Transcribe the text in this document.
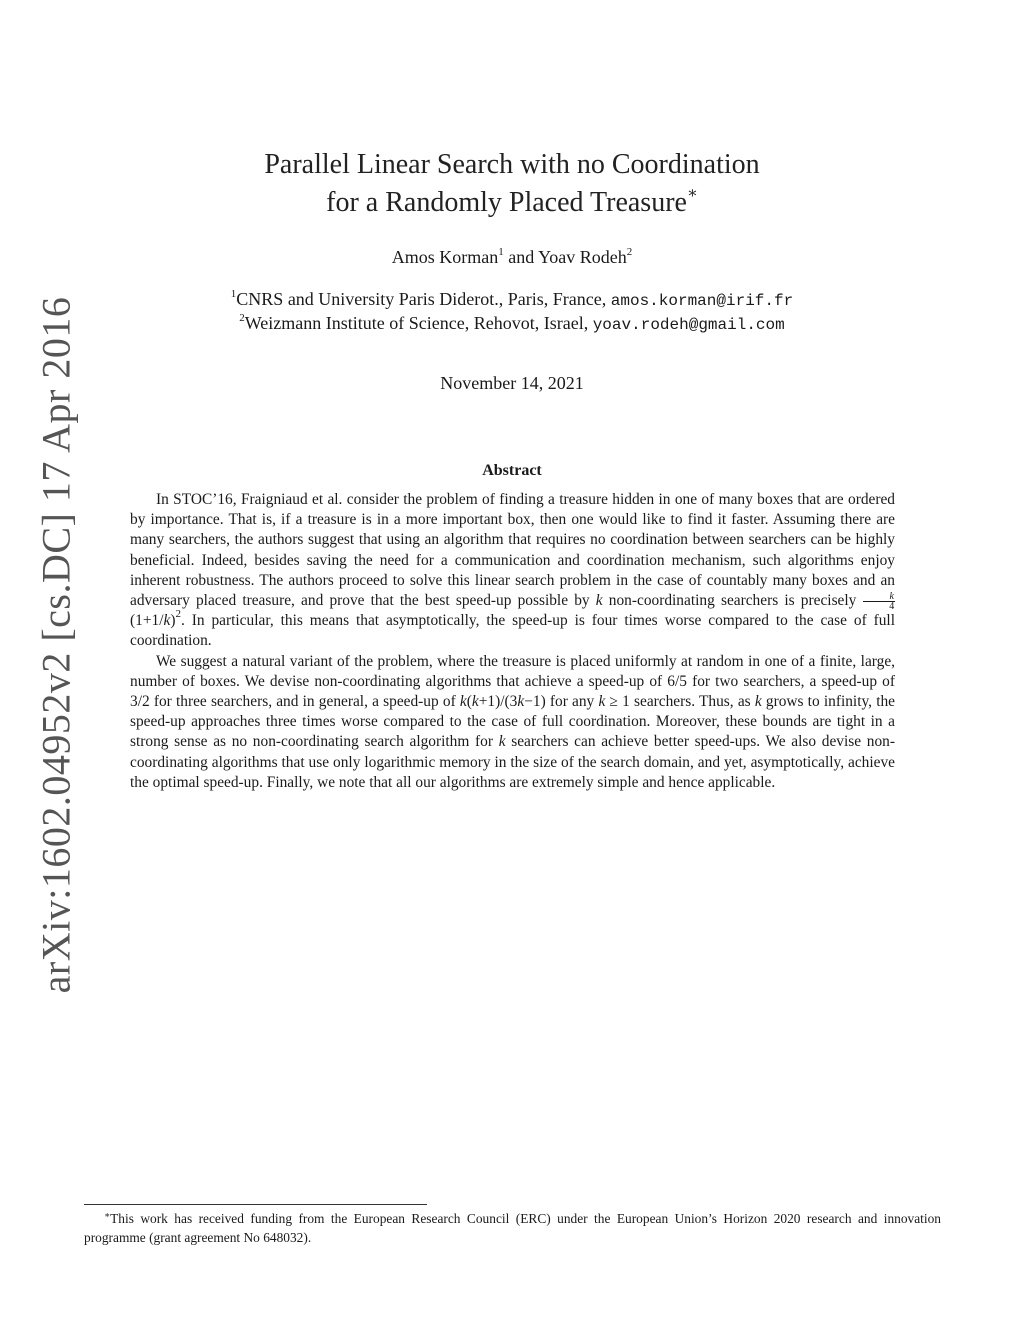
arXiv:1602.04952v2 [cs.DC] 17 Apr 2016
Parallel Linear Search with no Coordination
for a Randomly Placed Treasure∗
Amos Korman$^1$ and Yoav Rodeh$^2$
$^1$CNRS and University Paris Diderot., Paris, France, amos.korman@irif.fr
$^2$Weizmann Institute of Science, Rehovot, Israel, yoav.rodeh@gmail.com
November 14, 2021
Abstract

In STOC’16, Fraigniaud et al. consider the problem of finding a treasure hidden in one of many boxes that are ordered by importance. That is, if a treasure is in a more important box, then one would like to find it faster. Assuming there are many searchers, the authors suggest that using an algorithm that requires no coordination between searchers can be highly beneficial. Indeed, besides saving the need for a communication and coordination mechanism, such algorithms enjoy inherent robustness. The authors proceed to solve this linear search problem in the case of countably many boxes and an adversary placed treasure, and prove that the best speed-up possible by k non-coordinating searchers is precisely $\frac{k}{4}$
$(1+1/k)^2$. In particular, this means that asymptotically, the speed-up is four times worse compared to the case of full coordination.

We suggest a natural variant of the problem, where the treasure is placed uniformly at random in one of a finite, large, number of boxes. We devise non-coordinating algorithms that achieve a speed-up of 6/5 for two searchers, a speed-up of 3/2 for three searchers, and in general, a speed-up of k(k+1)/(3k−1) for any k ≥ 1 searchers. Thus, as k grows to infinity, the speed-up approaches three times worse compared to the case of full coordination. Moreover, these bounds are tight in a strong sense as no non-coordinating search algorithm for k searchers can achieve better speed-ups. We also devise non-coordinating algorithms that use only logarithmic memory in the size of the search domain, and yet, asymptotically, achieve the optimal speed-up. Finally, we note that all our algorithms are extremely simple and hence applicable.

∗This work has received funding from the European Research Council (ERC) under the European Union’s Horizon 2020 research and innovation programme (grant agreement No 648032).
